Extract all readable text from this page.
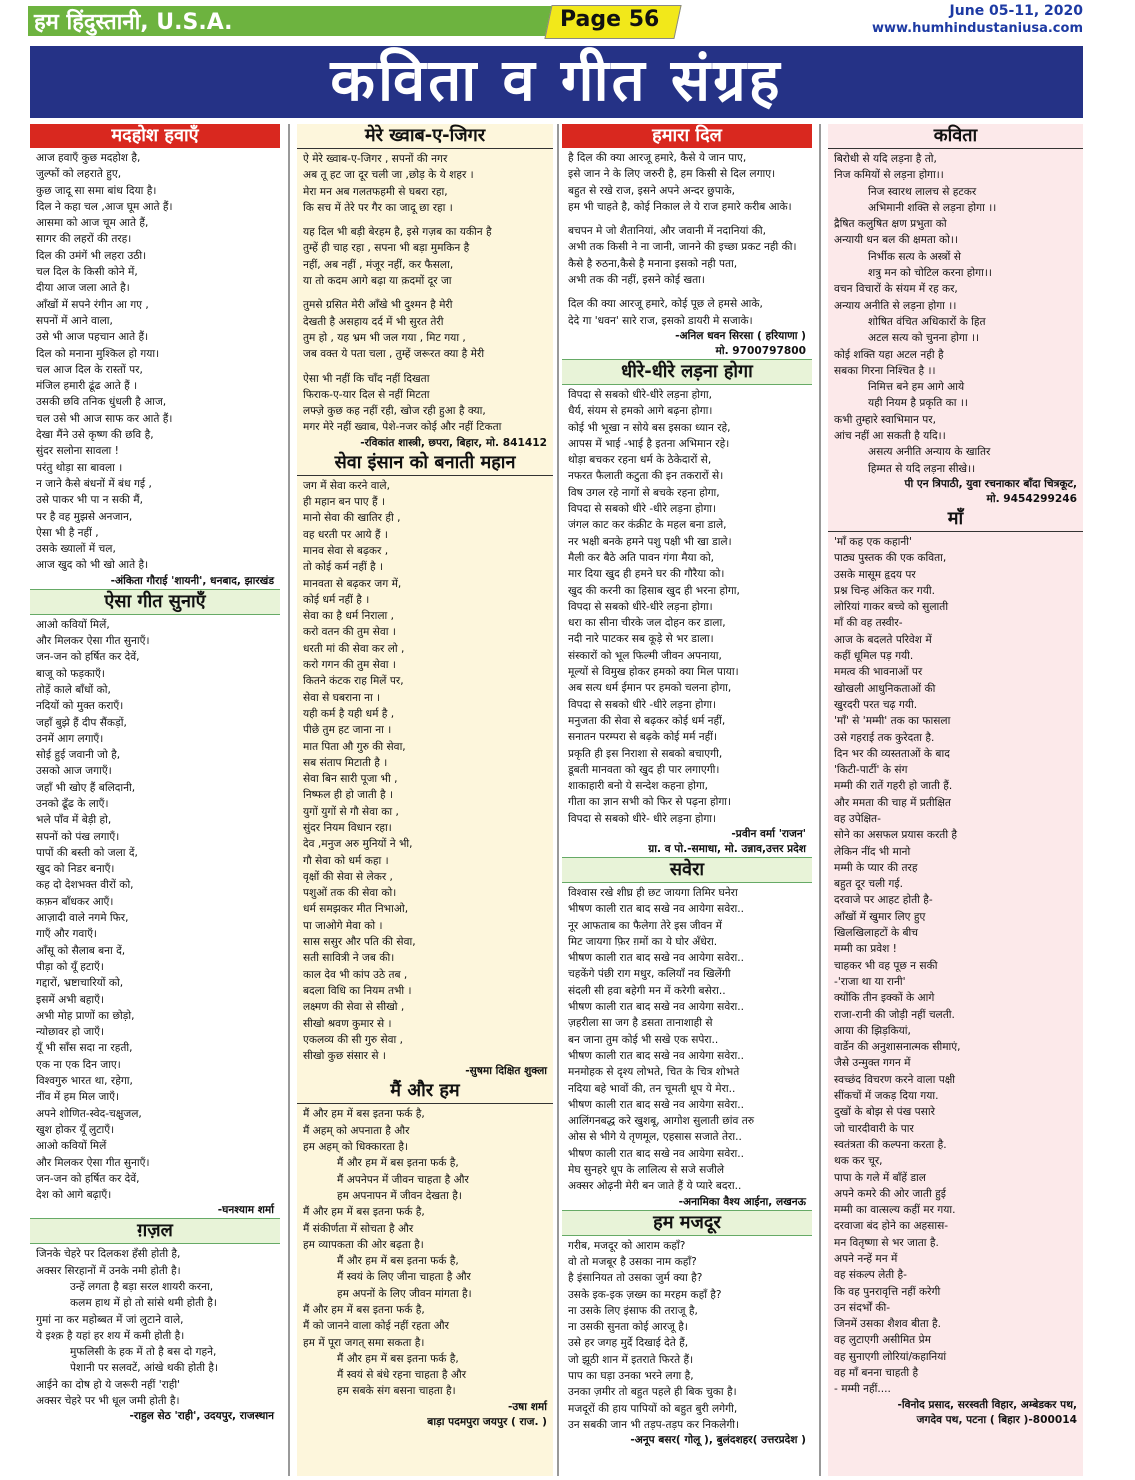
हम हिंदुस्तानी, U.S.A.	Page 56	June 05-11, 2020
www.humhindustaniusa.com
कविता व गीत संग्रह
मदहोश हवाएँ

आज हवाएँ कुछ मदहोश है,

जुल्फों को लहराते हुए,

कुछ जादू सा समा बांध दिया है।

दिल ने कहा चल ,आज घूम आते हैं।

आसमा को आज चूम आते हैं,

सागर की लहरों की तरह।

दिल की उमंगें भी लहरा उठी।

चल दिल के किसी कोने में,

दीया आज जला आते है।

आँखों में सपने रंगीन आ गए ,

सपनों में आने वाला,

उसे भी आज पहचान आते हैं।

दिल को मनाना मुश्किल हो गया।

चल आज दिल के रास्तों पर,

मंजिल हमारी ढूंढ आते हैं ।

उसकी छवि तनिक धुंधली है आज,

चल उसे भी आज साफ कर आते हैं।

देखा मैंने उसे कृष्ण की छवि है,

सुंदर सलोना सावला !

परंतु थोड़ा सा बावला ।

न जाने कैसे बंधनों में बंध गई ,

उसे पाकर भी पा न सकी मैं,

पर है वह मुझसे अनजान,

ऐसा भी है नहीं ,

उसके ख्यालों में चल,

आज खुद को भी खो आते है।

-अंकिता गौराई 'शायनी', धनबाद, झारखंड
ऐसा गीत सुनाएँ

आओ कवियों मिलें,

और मिलकर ऐसा गीत सुनाएँ।

जन-जन को हर्षित कर देवें,

बाजू को फड़काएँ।

तोड़ें काले बाँधों को,

नदियों को मुक्त कराएँ।

जहाँ बुझे हैं दीप सैंकड़ों,

उनमें आग लगाएँ।

सोई हुई जवानी जो है,

उसको आज जगाएँ।

जहाँ भी खोए हैं बलिदानी,

उनको ढूँढ के लाएँ।

भले पाँव में बेड़ी हो,

सपनों को पंख लगाएँ।

पापों की बस्ती को जला दें,

खुद को निडर बनाएँ।

कह दो देशभक्त वीरों को,

कफ़न बाँधकर आएँ।

आज़ादी वाले नगमे फिर,

गाएँ और गवाएँ।

आँसू को सैलाब बना दें,

पीड़ा को यूँ हटाएँ।

गद्दारों, भ्रष्टाचारियों को,

इसमें अभी बहाएँ।

अभी मोह प्राणों का छोड़ो,

न्योछावर हो जाएँ।

यूँ भी साँस सदा ना रहती,

एक ना एक दिन जाए।

विश्वगुरु भारत था, रहेगा,

नींव में हम मिल जाएँ।

अपने शोणित-स्वेद-चक्षुजल,

खुश होकर यूँ लुटाएँ।

आओ कवियों मिलें

और मिलकर ऐसा गीत सुनाएँ।

जन-जन को हर्षित कर देवें,

देश को आगे बढ़ाएँ।

-घनश्याम शर्मा
ग़ज़ल

जिनके चेहरे पर दिलकश हँसी होती है,

अक्सर सिरहानों में उनके नमी होती है।

उन्हें लगता है बड़ा सरल शायरी करना,

कलम हाथ में हो तो सांसे थमी होती है।

गुमां ना कर महोब्बत में जां लुटाने वाले,

ये इश्क़ है यहां हर शय में कमी होती है।

मुफलिसी के हक में तो है बस दो गहने,

पेशानी पर सलवटें, आंखे थकी होती है।

आईने का दोष हो ये जरूरी नहीं 'राही'

अक्सर चेहरे पर भी धूल जमी होती है।

-राहुल सेठ 'राही', उदयपुर, राजस्थान
मेरे ख्वाब-ए-जिगर

ऐ मेरे ख्वाब-ए-जिगर , सपनों की नगर

अब तू हट जा दूर चली जा ,छोड़ के ये शहर ।

मेरा मन अब गलतफहमी से घबरा रहा,

कि सच में तेरे पर गैर का जादू छा रहा ।

यह दिल भी बड़ी बेरहम है, इसे गज़ब का यकीन है

तुम्हें ही चाह रहा , सपना भी बड़ा मुमकिन है

नहीं, अब नहीं , मंजूर नहीं, कर फैसला,

या तो कदम आगे बढ़ा या क़दमों दूर जा

तुमसे ग्रसित मेरी आँखे भी दुश्मन है मेरी

देखती है असहाय दर्द में भी सुरत तेरी

तुम हो , यह भ्रम भी जल गया , मिट गया ,

जब वक्त ये पता चला , तुम्हें जरूरत क्या है मेरी

ऐसा भी नहीं कि चाँद नहीं दिखता

फिराक-ए-यार दिल से नहीं मिटता

लफ्ज़े कुछ कह नहीं रही, खोज रही हुआ है क्या,

मगर मेरे नहीं ख्वाब, पेशे-नजर कोई और नहीं टिकता

-रविकांत शास्त्री, छपरा, बिहार, मो. 841412
सेवा इंसान को बनाती महान

जग में सेवा करने वाले,

ही महान बन पाए हैं ।

मानो सेवा की खातिर ही ,

वह धरती पर आये हैं ।

मानव सेवा से बढ़कर ,

तो कोई कर्म नहीं है ।

मानवता से बढ़कर जग में,

कोई धर्म नहीं है ।

सेवा का है धर्म निराला ,

करो वतन की तुम सेवा ।

धरती मां की सेवा कर लो ,

करो गगन की तुम सेवा ।

कितने कंटक राह मिलें पर,

सेवा से घबराना ना ।

यही कर्म है यही धर्म है ,

पीछे तुम हट जाना ना ।

मात पिता औ गुरु की सेवा,

सब संताप मिटाती है ।

सेवा बिन सारी पूजा भी ,

निष्फल ही हो जाती है ।

युगों युगों से गौ सेवा का ,

सुंदर नियम विधान रहा।

देव ,मनुज अरु मुनियों ने भी,

गौ सेवा को धर्म कहा ।

वृक्षों की सेवा से लेकर ,

पशुओं तक की सेवा को।

धर्म समझकर मीत निभाओ,

पा जाओगे मेवा को ।

सास ससुर और पति की सेवा,

सती सावित्री ने जब की।

काल देव भी कांप उठे तब ,

बदला विधि का नियम तभी ।

लक्ष्मण की सेवा से सीखो ,

सीखो श्रवण कुमार से ।

एकलव्य की सी गुरु सेवा ,

सीखो कुछ संसार से ।

-सुषमा दिक्षित शुक्ला
मैं और हम

मैं और हम में बस इतना फर्क है,

मैं अहम् को अपनाता है और

हम अहम् को धिक्कारता है।

मैं और हम में बस इतना फर्क है,

मैं अपनेपन में जीवन चाहता है और

हम अपनापन में जीवन देखता है।

मैं और हम में बस इतना फर्क है,

मैं संकीर्णता में सोचता है और

हम व्यापकता की ओर बढ़ता है।

मैं और हम में बस इतना फर्क है,

मैं स्वयं के लिए जीना चाहता है और

हम अपनों के लिए जीवन मांगता है।

मैं और हम में बस इतना फर्क है,

मैं को जानने वाला कोई नहीं रहता और

हम में पूरा जगत् समा सकता है।

मैं और हम में बस इतना फर्क है,

मैं स्वयं से बंधे रहना चाहता है और

हम सबके संग बसना चाहता है।

-उषा शर्मा
बाड़ा पदमपुरा जयपुर ( राज. )
हमारा दिल

है दिल की क्या आरजू हमारे, कैसे ये जान पाए,

इसे जान ने के लिए जरुरी है, हम किसी से दिल लगाए।

बहुत से रखे राज, इसने अपने अन्दर छुपाके,

हम भी चाहते है, कोई निकाल ले ये राज हमारे करीब आके।

बचपन मे जो शैतानियां, और जवानी में नदानियां की,

अभी तक किसी ने ना जानी, जानने की इच्छा प्रकट नही की।

कैसे है रुठना,कैसे है मनाना इसको नही पता,

अभी तक की नहीं, इसने कोई खता।

दिल की क्या आरजू हमारे, कोई पूछ ले हमसे आके,

देदे गा 'धवन' सारे राज, इसको डायरी मे सजाके।

-अनिल धवन सिरसा ( हरियाणा )
मो. 9700797800
धीरे-धीरे लड़ना होगा

विपदा से सबको धीरे-धीरे लड़ना होगा,

धैर्य, संयम से हमको आगे बढ़ना होगा।

कोई भी भूखा न सोये बस इसका ध्यान रहे,

आपस में भाई -भाई है इतना अभिमान रहे।

थोड़ा बचकर रहना धर्म के ठेकेदारों से,

नफरत फैलाती कटुता की इन तकरारों से।

विष उगल रहे नागों से बचके रहना होगा,

विपदा से सबको धीरे -धीरे लड़ना होगा।

जंगल काट कर कंक्रीट के महल बना डाले,

नर भक्षी बनके हमने पशु पक्षी भी खा डाले।

मैली कर बैठे अति पावन गंगा मैया को,

मार दिया खुद ही हमने घर की गौरैया को।

खुद की करनी का हिसाब खुद ही भरना होगा,

विपदा से सबको धीरे-धीरे लड़ना होगा।

धरा का सीना चीरके जल दोहन कर डाला,

नदी नारे पाटकर सब कूड़े से भर डाला।

संस्कारों को भूल फिल्मी जीवन अपनाया,

मूल्यों से विमुख होकर हमको क्या मिल पाया।

अब सत्य धर्म ईमान पर हमको चलना होगा,

विपदा से सबको धीरे -धीरे लड़ना होगा।

मनुजता की सेवा से बढ़कर कोई धर्म नहीं,

सनातन परम्परा से बढ़के कोई मर्म नहीं।

प्रकृति ही इस निराशा से सबको बचाएगी,

डूबती मानवता को खुद ही पार लगाएगी।

शाकाहारी बनो ये सन्देश कहना होगा,

गीता का ज्ञान सभी को फिर से पढ़ना होगा।

विपदा से सबको धीरे- धीरे लड़ना होगा।

-प्रवीन वर्मा 'राजन'
ग्रा. व पो.-समाधा, मो. उन्नाव,उत्तर प्रदेश
सवेरा

विश्वास रखे शीघ्र ही छट जायगा तिमिर घनेरा

भीषण काली रात बाद सखे नव आयेगा सवेरा..

नूर आफताब का फैलेगा तेरे इस जीवन में

मिट जायगा फ़िर ग़मों का ये घोर अँधेरा.

भीषण काली रात बाद सखे नव आयेगा सवेरा..

चहकेंगे पंछी राग मधुर, कलियाँ नव खिलेंगी

संदली सी हवा बहेगी मन में करेगी बसेरा..

भीषण काली रात बाद सखे नव आयेगा सवेरा..

ज़हरीला सा जग है डसता तानाशाही से

बन जाना तुम कोई भी सखे एक सपेरा..

भीषण काली रात बाद सखे नव आयेगा सवेरा..

मनमोहक से दृश्य लोभते, चित के चित्र शोभते

नदिया बहे भावों की, तन चूमती धूप ये मेरा..

भीषण काली रात बाद सखे नव आयेगा सवेरा..

आलिंगनबद्ध करे खुशबू, आगोश सुलाती छांव तरु

ओस से भीगे ये तृणमूल, एहसास सजाते तेरा..

भीषण काली रात बाद सखे नव आयेगा सवेरा..

मेघ सुनहरे धूप के लालित्य से सजे सजीले

अक्सर ओढ़नी मेरी बन जाते हैं ये प्यारे बदरा..

-अनामिका वैश्य आईना, लखनऊ
हम मजदूर

गरीब, मजदूर को आराम कहाँ?

वो तो मजबूर है उसका नाम कहाँ?

है इंसानियत तो उसका जुर्म क्या है?

उसके इक-इक ज़ख्म का मरहम कहाँ है?

ना उसके लिए इंसाफ की तराजू है,

ना उसकी सुनता कोई आरजू है।

उसे हर जगह मुर्दे दिखाई देते हैं,

जो झूठी शान में इतराते फिरते हैं।

पाप का घड़ा उनका भरने लगा है,

उनका ज़मीर तो बहुत पहले ही बिक चुका है।

मजदूरों की हाय पापियों को बहुत बुरी लगेगी,

उन सबकी जान भी तड़प-तड़प कर निकलेगी।

-अनूप बसर( गोलू ), बुलंदशहर( उत्तरप्रदेश )
कविता

बिरोधी से यदि लड़ना है तो,

निज कमियों से लड़ना होगा।।

निज स्वारथ लालच से हटकर

अभिमानी शक्ति से लड़ना होगा ।।

द्रैषित कलुषित क्षण प्रभुता को

अन्यायी धन बल की क्षमता को।।

निर्भीक सत्य के अस्त्रों से

शत्रु मन को चोटिल करना होगा।।

वचन विचारों के संयम में रह कर,

अन्याय अनीति से लड़ना होगा ।।

शोषित वंचित अधिकारों के हित

अटल सत्य को चुनना होगा ।।

कोई शक्ति यहा अटल नही है

सबका गिरना निश्चित है ।।

निमित्त बने हम आगे आये

यही नियम है प्रकृति का ।।

कभी तुम्हारे स्वाभिमान पर,

आंच नहीं आ सकती है यदि।।

असत्य अनीति अन्याय के खातिर

हिम्मत से यदि लड़ना सीखे।।

पी एन त्रिपाठी, युवा रचनाकार बाँदा चित्रकूट,
मो. 9454299246
माँ

'माँ कह एक कहानी'

पाठ्य पुस्तक की एक कविता,

उसके मासूम हृदय पर

प्रश्न चिन्ह अंकित कर गयी.

लोरियां गाकर बच्चे को सुलाती

माँ की वह तस्वीर-

आज के बदलते परिवेश में

कहीं धूमिल पड़ गयी.

ममत्व की भावनाओं पर

खोखली आधुनिकताओं की

खुरदरी परत चढ़ गयी.

'माँ' से 'मम्मी' तक का फासला

उसे गहराई तक कुरेदता है.

दिन भर की व्यस्तताओं के बाद

'किटी-पार्टी' के संग

मम्मी की रातें गहरी हो जाती हैं.

और ममता की चाह में प्रतीक्षित

वह उपेक्षित-

सोने का असफल प्रयास करती है

लेकिन नींद भी मानो

मम्मी के प्यार की तरह

बहुत दूर चली गई.

दरवाजे पर आहट होती है-

आँखों में खुमार लिए हुए

खिलखिलाहटों के बीच

मम्मी का प्रवेश !

चाहकर भी वह पूछ न सकी

-'राजा था या रानी'

क्योंकि तीन इक्कों के आगे

राजा-रानी की जोड़ी नहीं चलती.

आया की झिड़कियां,

वार्डेन की अनुशासनात्मक सीमाएं,

जैसे उन्मुक्त गगन में

स्वच्छंद विचरण करने वाला पक्षी

सींकचों में जकड़ दिया गया.

दुखों के बोझ से पंख पसारे

जो चारदीवारी के पार

स्वतंत्रता की कल्पना करता है.

थक कर चूर,

पापा के गले में बाँहें डाल

अपने कमरे की ओर जाती हुई

मम्मी का वात्सल्य कहीं मर गया.

दरवाजा बंद होने का अहसास-

मन वितृष्णा से भर जाता है.

अपने नन्हें मन में

वह संकल्प लेती है-

कि वह पुनरावृत्ति नहीं करेगी

उन संदर्भों की-

जिनमें उसका शैशव बीता है.

वह लुटाएगी असीमित प्रेम

वह सुनाएगी लोरियां/कहानियां

वह माँ बनना चाहती है

- मम्मी नहीं....

-विनोद प्रसाद, सरस्वती विहार, अम्बेडकर पथ,
जगदेव पथ, पटना ( बिहार )-800014
